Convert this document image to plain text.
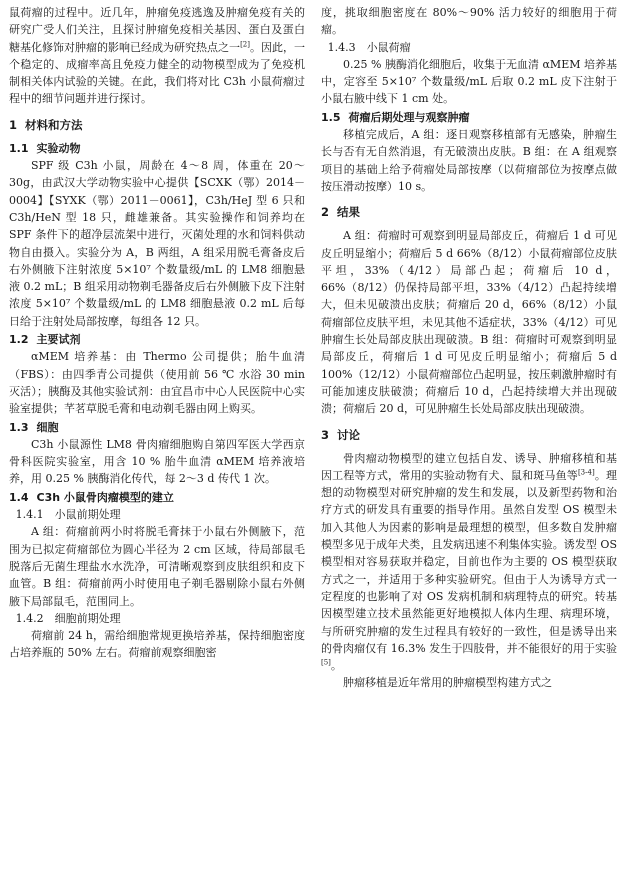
鼠荷瘤的过程中。近几年，肿瘤免疫逃逸及肿瘤免疫有关的研究广受人们关注，且探讨肿瘤免疫相关基因、蛋白及蛋白糖基化修饰对肿瘤的影响已经成为研究热点之一[2]。因此，一个稳定的、成瘤率高且免疫力健全的动物模型成为了免疫机制相关体内试验的关键。在此，我们将对比 C3h 小鼠荷瘤过程中的细节问题并进行探讨。

1 材料和方法
1.1 实验动物

SPF 级 C3h 小鼠，周龄在 4～8 周，体重在 20～30g，由武汉大学动物实验中心提供【SCXK（鄂）2014－0004】【SYXK（鄂）2011－0061】，C3h/HeJ 型 6 只和 C3h/HeN 型 18 只，雌雄兼备。其实验操作和饲养均在 SPF 条件下的超净层流架中进行，灭菌处理的水和饲料供动物自由摄入。实验分为 A，B 两组，A 组采用脱毛膏备皮后右外侧腋下注射浓度 5×10⁷ 个数量级/mL 的 LM8 细胞悬液 0.2 mL；B 组采用动物剃毛器备皮后右外侧腋下皮下注射浓度 5×10⁷ 个数量级/mL 的 LM8 细胞悬液 0.2 mL 后每日给于注射处局部按摩，每组各 12 只。

1.2 主要试剂

αMEM 培养基：由 Thermo 公司提供；胎牛血清（FBS）：由四季青公司提供（使用前 56 ℃ 水浴 30 min 灭活）；胰酶及其他实验试剂：由宜昌市中心人民医院中心实验室提供；芊茗草脱毛膏和电动剃毛器由网上购买。

1.3 细胞

C3h 小鼠源性 LM8 骨肉瘤细胞购自第四军医大学西京骨科医院实验室，用含 10 % 胎牛血清 αMEM 培养液培养，用 0.25 % 胰酶消化传代，每 2～3 d 传代 1 次。

1.4 C3h 小鼠骨肉瘤模型的建立
1.4.1　小鼠前期处理

A 组：荷瘤前两小时将脱毛膏抹于小鼠右外侧腋下，范围为已拟定荷瘤部位为圆心半径为 2 cm 区域，待局部鼠毛脱落后无菌生理盐水水洗净，可清晰观察到皮肤组织和皮下血管。B 组：荷瘤前两小时使用电子剃毛器剔除小鼠右外侧腋下局部鼠毛，范围同上。

1.4.2　细胞前期处理

荷瘤前 24 h，需给细胞常规更换培养基，保持细胞密度占培养瓶的 50% 左右。荷瘤前观察细胞密

度，挑取细胞密度在 80%～90% 活力较好的细胞用于荷瘤。

1.4.3　小鼠荷瘤

0.25 % 胰酶消化细胞后，收集于无血清 αMEM 培养基中，定容至 5×10⁷ 个数量级/mL 后取 0.2 mL 皮下注射于小鼠右腋中线下 1 cm 处。

1.5 荷瘤后期处理与观察肿瘤

移植完成后，A 组：逐日观察移植部有无感染，肿瘤生长与否有无自然消退，有无破溃出皮肤。B 组：在 A 组观察项目的基础上给予荷瘤处局部按摩（以荷瘤部位为按摩点做按压滑动按摩）10 s。

2 结果

A 组：荷瘤时可观察到明显局部皮丘，荷瘤后 1 d 可见皮丘明显缩小；荷瘤后 5 d 66%（8/12）小鼠荷瘤部位皮肤平坦，33%（4/12）局部凸起；荷瘤后 10 d，66%（8/12）仍保持局部平坦，33%（4/12）凸起持续增大，但未见破溃出皮肤；荷瘤后 20 d，66%（8/12）小鼠荷瘤部位皮肤平坦，未见其他不适症状，33%（4/12）可见肿瘤生长处局部皮肤出现破溃。B 组：荷瘤时可观察到明显局部皮丘，荷瘤后 1 d 可见皮丘明显缩小；荷瘤后 5 d 100%（12/12）小鼠荷瘤部位凸起明显，按压刺激肿瘤时有可能加速皮肤破溃；荷瘤后 10 d，凸起持续增大并出现破溃；荷瘤后 20 d，可见肿瘤生长处局部皮肤出现破溃。

3 讨论

骨肉瘤动物模型的建立包括自发、诱导、肿瘤移植和基因工程等方式，常用的实验动物有犬、鼠和斑马鱼等[3-4]。理想的动物模型对研究肿瘤的发生和发展，以及新型药物和治疗方式的研发具有重要的指导作用。虽然自发型 OS 模型未加入其他人为因素的影响是最理想的模型，但多数自发肿瘤模型多见于成年犬类，且发病迅速不利集体实验。诱发型 OS 模型相对容易获取并稳定，目前也作为主要的 OS 模型获取方式之一，并适用于多种实验研究。但由于人为诱导方式一定程度的也影响了对 OS 发病机制和病理特点的研究。转基因模型建立技术虽然能更好地模拟人体内生理、病理环境，与所研究肿瘤的发生过程具有较好的一致性，但是诱导出来的骨肉瘤仅有 16.3% 发生于四肢骨，并不能很好的用于实验[5]。

肿瘤移植是近年常用的肿瘤模型构建方式之
